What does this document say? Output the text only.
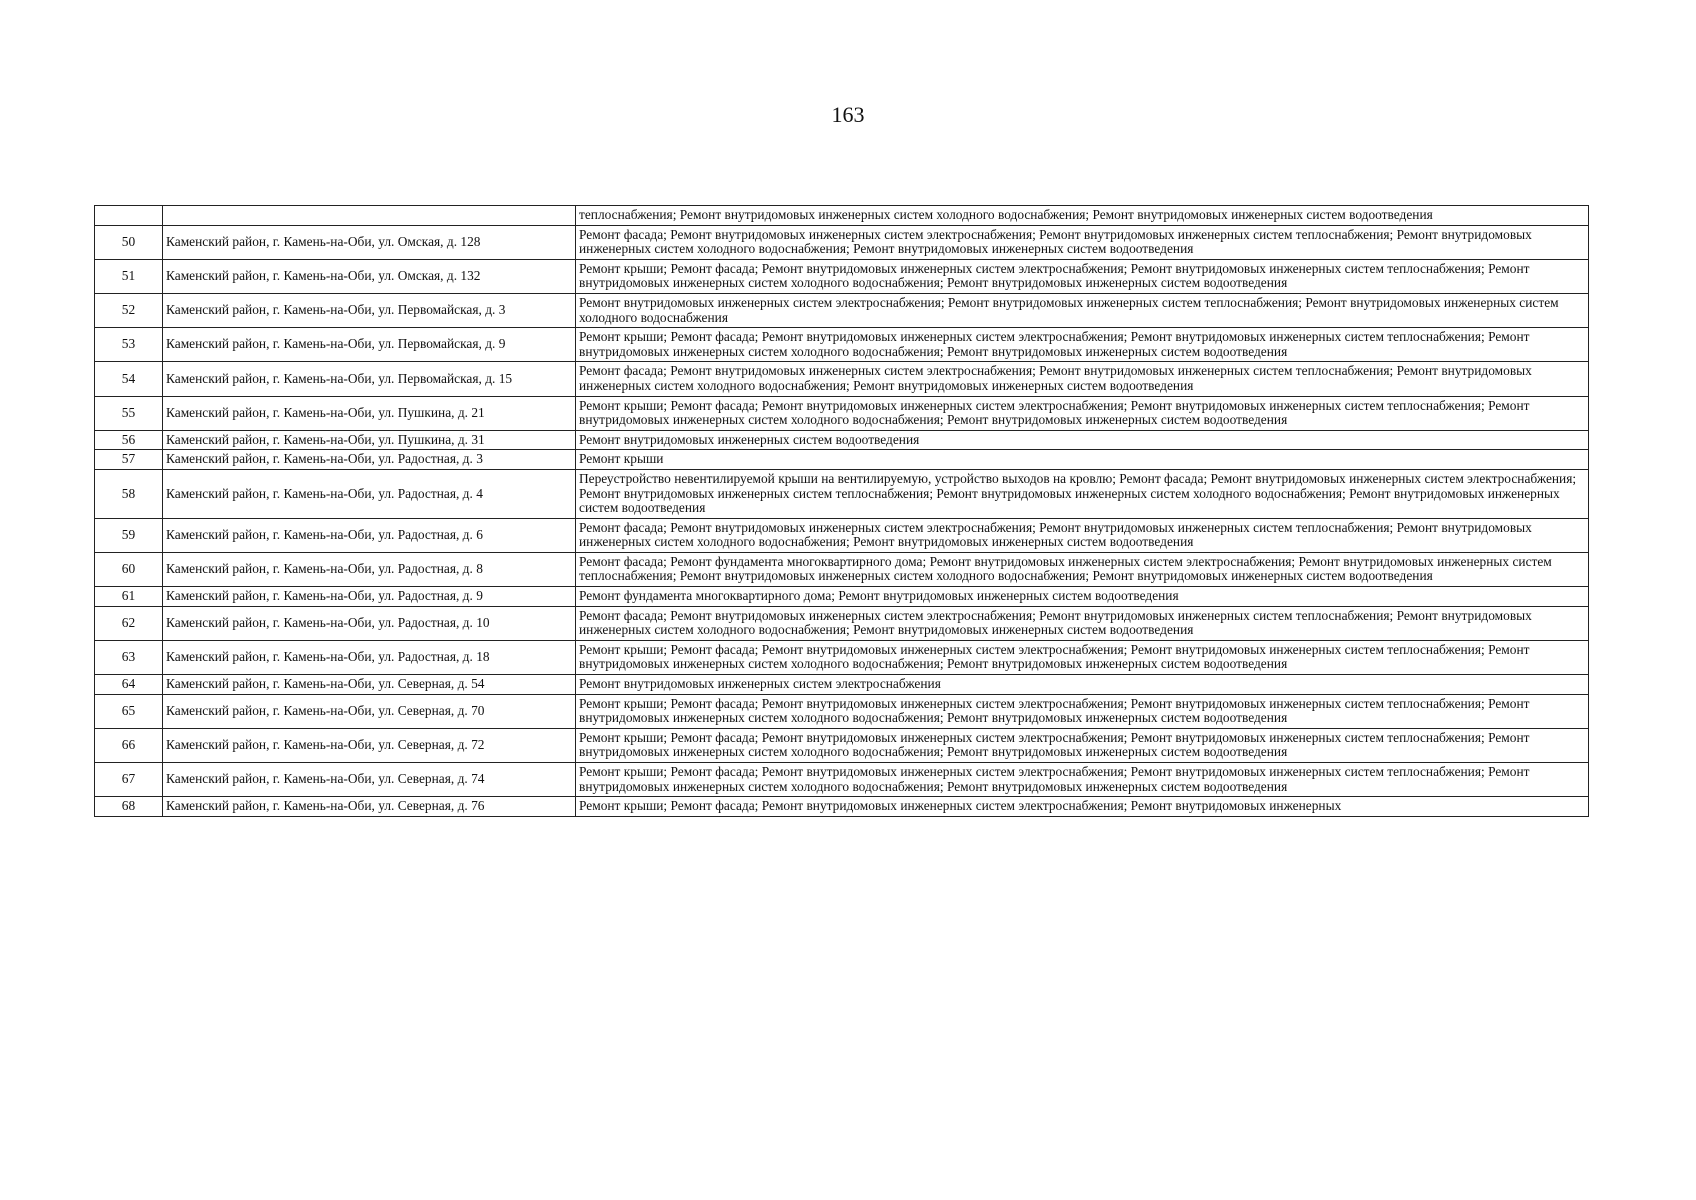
163
		теплоснабжения; Ремонт внутридомовых инженерных систем холодного водоснабжения; Ремонт внутридомовых инженерных систем водоотведения
50	Каменский район, г. Камень-на-Оби, ул. Омская, д. 128	Ремонт фасада; Ремонт внутридомовых инженерных систем электроснабжения; Ремонт внутридомовых инженерных систем теплоснабжения; Ремонт внутридомовых инженерных систем холодного водоснабжения; Ремонт внутридомовых инженерных систем водоотведения
51	Каменский район, г. Камень-на-Оби, ул. Омская, д. 132	Ремонт крыши; Ремонт фасада; Ремонт внутридомовых инженерных систем электроснабжения; Ремонт внутридомовых инженерных систем теплоснабжения; Ремонт внутридомовых инженерных систем холодного водоснабжения; Ремонт внутридомовых инженерных систем водоотведения
52	Каменский район, г. Камень-на-Оби, ул. Первомайская, д. 3	Ремонт внутридомовых инженерных систем электроснабжения; Ремонт внутридомовых инженерных систем теплоснабжения; Ремонт внутридомовых инженерных систем холодного водоснабжения
53	Каменский район, г. Камень-на-Оби, ул. Первомайская, д. 9	Ремонт крыши; Ремонт фасада; Ремонт внутридомовых инженерных систем электроснабжения; Ремонт внутридомовых инженерных систем теплоснабжения; Ремонт внутридомовых инженерных систем холодного водоснабжения; Ремонт внутридомовых инженерных систем водоотведения
54	Каменский район, г. Камень-на-Оби, ул. Первомайская, д. 15	Ремонт фасада; Ремонт внутридомовых инженерных систем электроснабжения; Ремонт внутридомовых инженерных систем теплоснабжения; Ремонт внутридомовых инженерных систем холодного водоснабжения; Ремонт внутридомовых инженерных систем водоотведения
55	Каменский район, г. Камень-на-Оби, ул. Пушкина, д. 21	Ремонт крыши; Ремонт фасада; Ремонт внутридомовых инженерных систем электроснабжения; Ремонт внутридомовых инженерных систем теплоснабжения; Ремонт внутридомовых инженерных систем холодного водоснабжения; Ремонт внутридомовых инженерных систем водоотведения
56	Каменский район, г. Камень-на-Оби, ул. Пушкина, д. 31	Ремонт внутридомовых инженерных систем водоотведения
57	Каменский район, г. Камень-на-Оби, ул. Радостная, д. 3	Ремонт крыши
58	Каменский район, г. Камень-на-Оби, ул. Радостная, д. 4	Переустройство невентилируемой крыши на вентилируемую, устройство выходов на кровлю; Ремонт фасада; Ремонт внутридомовых инженерных систем электроснабжения; Ремонт внутридомовых инженерных систем теплоснабжения; Ремонт внутридомовых инженерных систем холодного водоснабжения; Ремонт внутридомовых инженерных систем водоотведения
59	Каменский район, г. Камень-на-Оби, ул. Радостная, д. 6	Ремонт фасада; Ремонт внутридомовых инженерных систем электроснабжения; Ремонт внутридомовых инженерных систем теплоснабжения; Ремонт внутридомовых инженерных систем холодного водоснабжения; Ремонт внутридомовых инженерных систем водоотведения
60	Каменский район, г. Камень-на-Оби, ул. Радостная, д. 8	Ремонт фасада; Ремонт фундамента многоквартирного дома; Ремонт внутридомовых инженерных систем электроснабжения; Ремонт внутридомовых инженерных систем теплоснабжения; Ремонт внутридомовых инженерных систем холодного водоснабжения; Ремонт внутридомовых инженерных систем водоотведения
61	Каменский район, г. Камень-на-Оби, ул. Радостная, д. 9	Ремонт фундамента многоквартирного дома; Ремонт внутридомовых инженерных систем водоотведения
62	Каменский район, г. Камень-на-Оби, ул. Радостная, д. 10	Ремонт фасада; Ремонт внутридомовых инженерных систем электроснабжения; Ремонт внутридомовых инженерных систем теплоснабжения; Ремонт внутридомовых инженерных систем холодного водоснабжения; Ремонт внутридомовых инженерных систем водоотведения
63	Каменский район, г. Камень-на-Оби, ул. Радостная, д. 18	Ремонт крыши; Ремонт фасада; Ремонт внутридомовых инженерных систем электроснабжения; Ремонт внутридомовых инженерных систем теплоснабжения; Ремонт внутридомовых инженерных систем холодного водоснабжения; Ремонт внутридомовых инженерных систем водоотведения
64	Каменский район, г. Камень-на-Оби, ул. Северная, д. 54	Ремонт внутридомовых инженерных систем электроснабжения
65	Каменский район, г. Камень-на-Оби, ул. Северная, д. 70	Ремонт крыши; Ремонт фасада; Ремонт внутридомовых инженерных систем электроснабжения; Ремонт внутридомовых инженерных систем теплоснабжения; Ремонт внутридомовых инженерных систем холодного водоснабжения; Ремонт внутридомовых инженерных систем водоотведения
66	Каменский район, г. Камень-на-Оби, ул. Северная, д. 72	Ремонт крыши; Ремонт фасада; Ремонт внутридомовых инженерных систем электроснабжения; Ремонт внутридомовых инженерных систем теплоснабжения; Ремонт внутридомовых инженерных систем холодного водоснабжения; Ремонт внутридомовых инженерных систем водоотведения
67	Каменский район, г. Камень-на-Оби, ул. Северная, д. 74	Ремонт крыши; Ремонт фасада; Ремонт внутридомовых инженерных систем электроснабжения; Ремонт внутридомовых инженерных систем теплоснабжения; Ремонт внутридомовых инженерных систем холодного водоснабжения; Ремонт внутридомовых инженерных систем водоотведения
68	Каменский район, г. Камень-на-Оби, ул. Северная, д. 76	Ремонт крыши; Ремонт фасада; Ремонт внутридомовых инженерных систем электроснабжения; Ремонт внутридомовых инженерных
